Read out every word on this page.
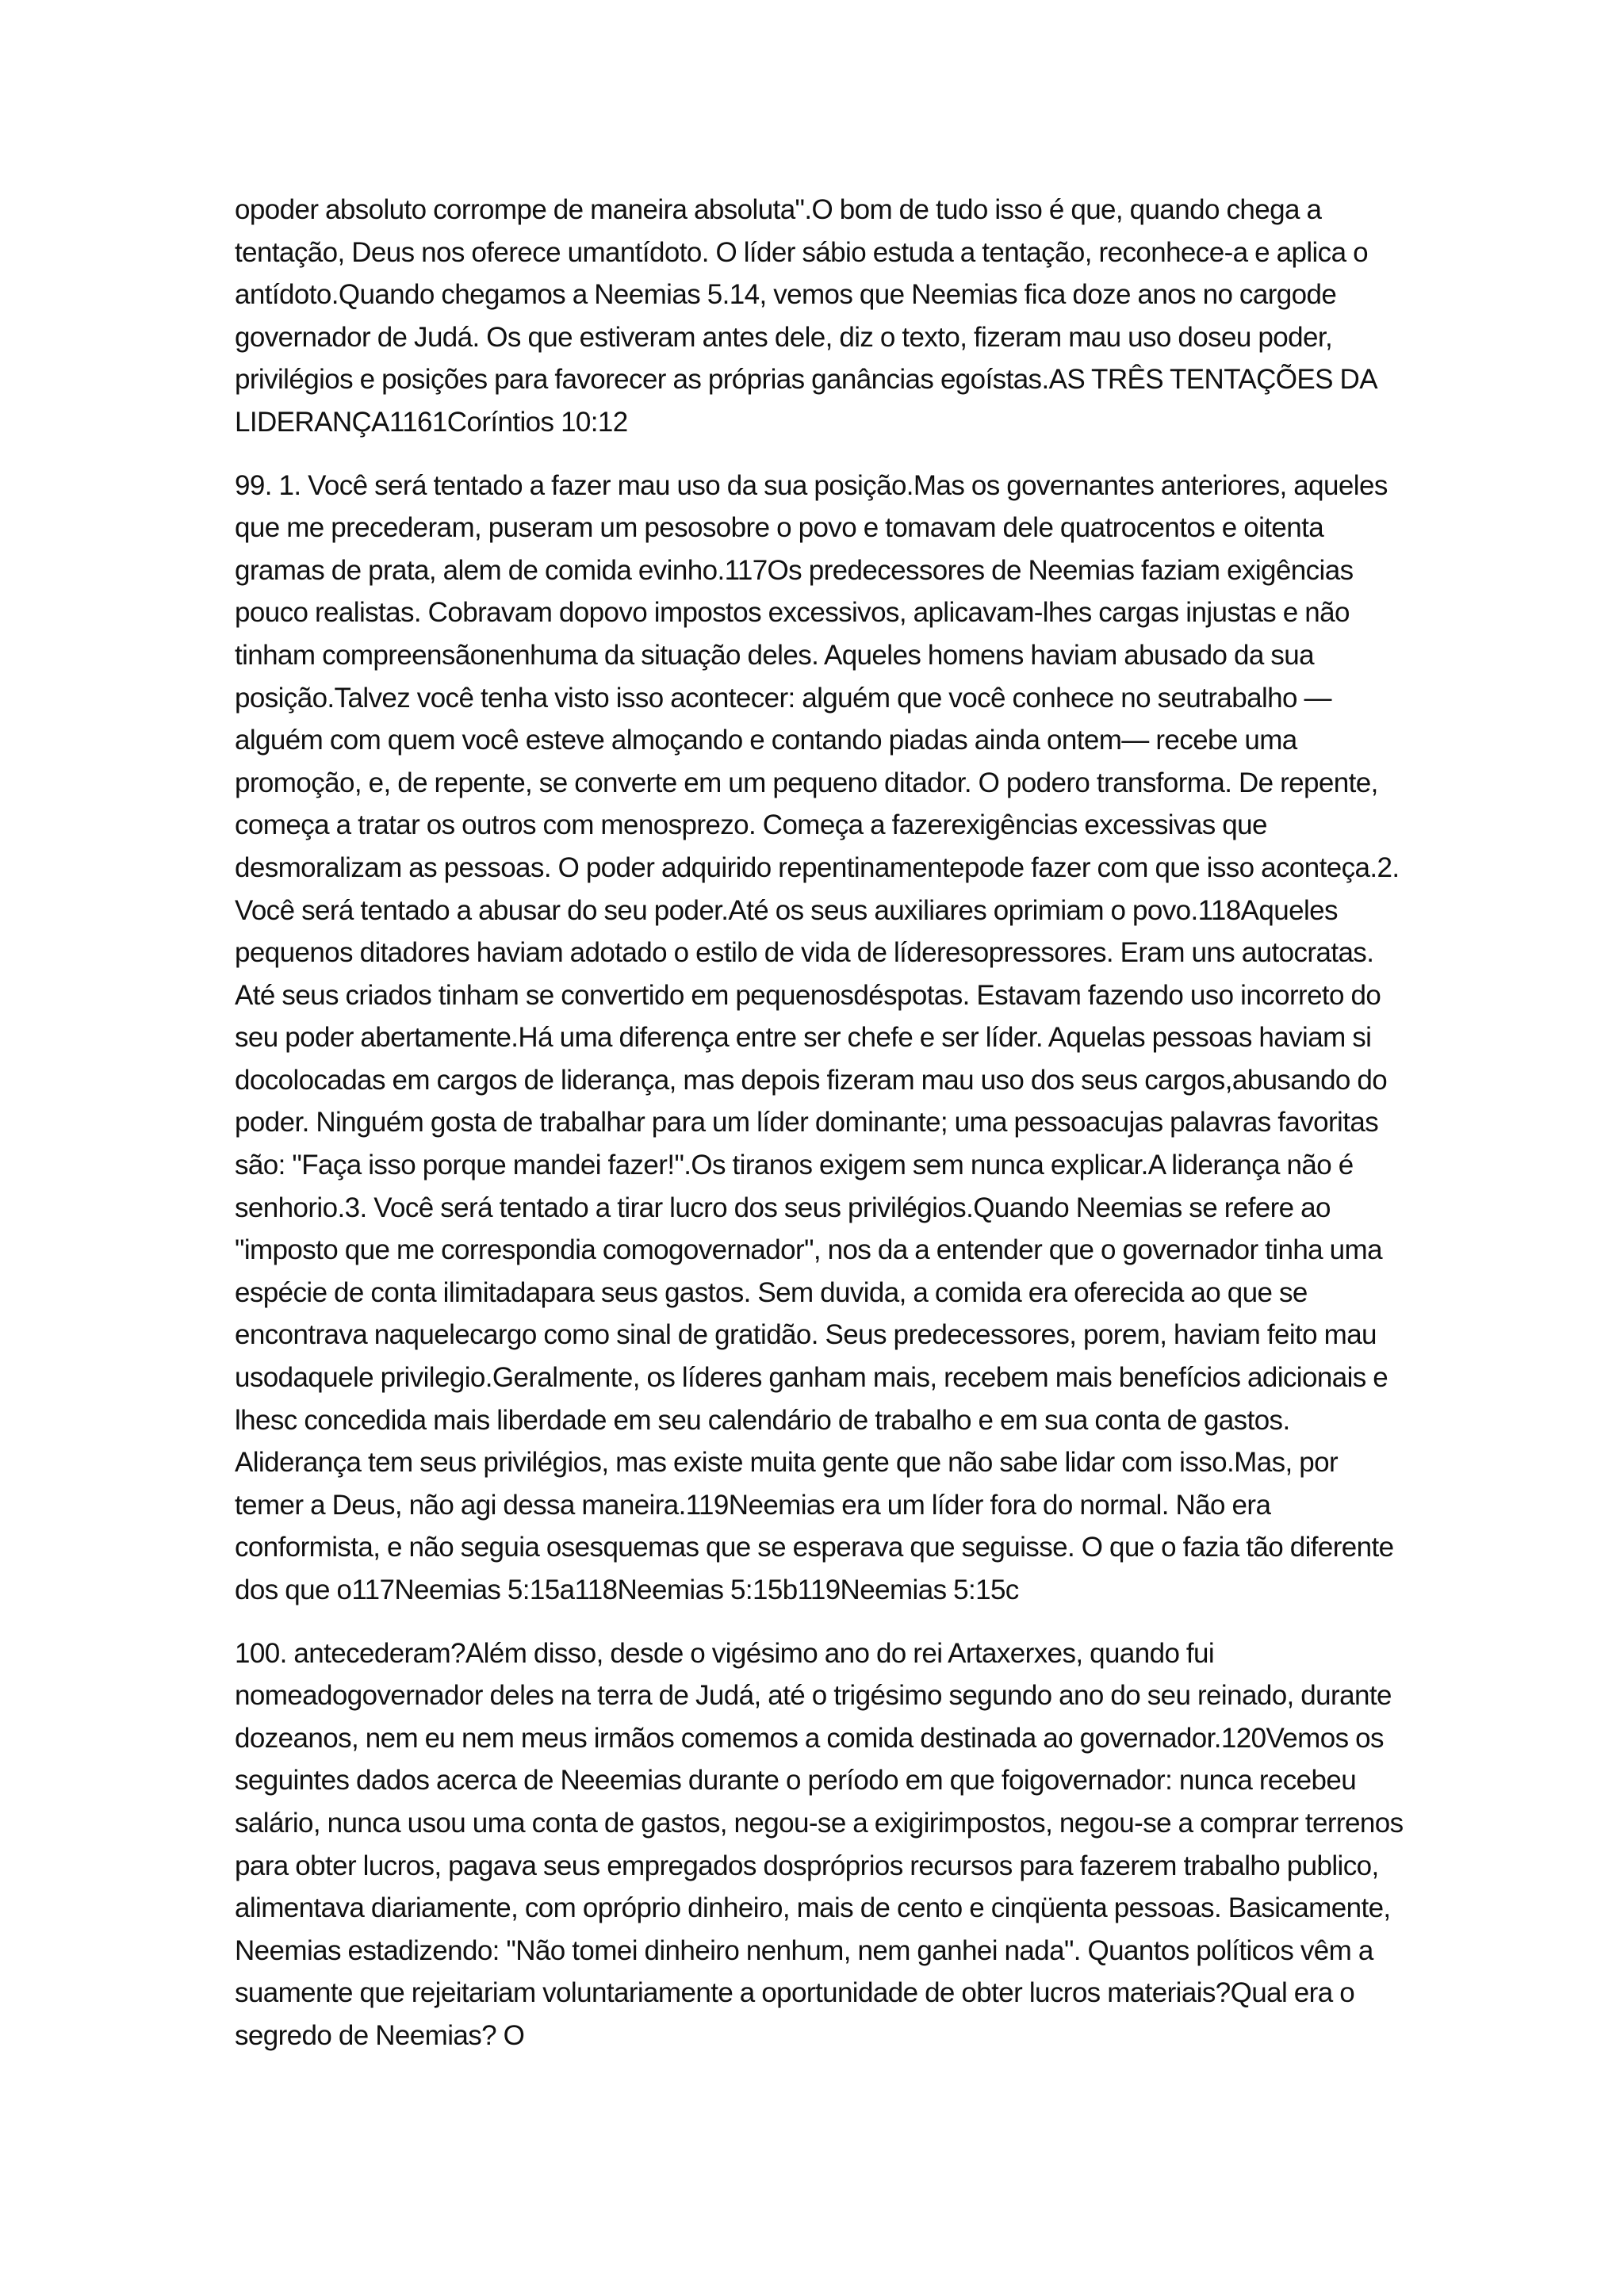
opoder absoluto corrompe de maneira absoluta".O bom de tudo isso é que, quando chega a tentação, Deus nos oferece umantídoto. O líder sábio estuda a tentação, reconhece-a e aplica o antídoto.Quando chegamos a Neemias 5.14, vemos que Neemias fica doze anos no cargode governador de Judá. Os que estiveram antes dele, diz o texto, fizeram mau uso doseu poder, privilégios e posições para favorecer as próprias ganâncias egoístas.AS TRÊS TENTAÇÕES DA LIDERANÇA1161Coríntios 10:12

99. 1. Você será tentado a fazer mau uso da sua posição.Mas os governantes anteriores, aqueles que me precederam, puseram um pesosobre o povo e tomavam dele quatrocentos e oitenta gramas de prata, alem de comida evinho.117Os predecessores de Neemias faziam exigências pouco realistas. Cobravam dopovo impostos excessivos, aplicavam-lhes cargas injustas e não tinham compreensãonenhuma da situação deles. Aqueles homens haviam abusado da sua posição.Talvez você tenha visto isso acontecer: alguém que você conhece no seutrabalho — alguém com quem você esteve almoçando e contando piadas ainda ontem— recebe uma promoção, e, de repente, se converte em um pequeno ditador. O podero transforma. De repente, começa a tratar os outros com menosprezo. Começa a fazerexigências excessivas que desmoralizam as pessoas. O poder adquirido repentinamentepode fazer com que isso aconteça.2. Você será tentado a abusar do seu poder.Até os seus auxiliares oprimiam o povo.118Aqueles pequenos ditadores haviam adotado o estilo de vida de líderesopressores. Eram uns autocratas. Até seus criados tinham se convertido em pequenosdéspotas. Estavam fazendo uso incorreto do seu poder abertamente.Há uma diferença entre ser chefe e ser líder. Aquelas pessoas haviam si docolocadas em cargos de liderança, mas depois fizeram mau uso dos seus cargos,abusando do poder. Ninguém gosta de trabalhar para um líder dominante; uma pessoacujas palavras favoritas são: "Faça isso porque mandei fazer!".Os tiranos exigem sem nunca explicar.A liderança não é senhorio.3. Você será tentado a tirar lucro dos seus privilégios.Quando Neemias se refere ao "imposto que me correspondia comogovernador", nos da a entender que o governador tinha uma espécie de conta ilimitadapara seus gastos. Sem duvida, a comida era oferecida ao que se encontrava naquelecargo como sinal de gratidão. Seus predecessores, porem, haviam feito mau usodaquele privilegio.Geralmente, os líderes ganham mais, recebem mais benefícios adicionais e lhesc concedida mais liberdade em seu calendário de trabalho e em sua conta de gastos. Aliderança tem seus privilégios, mas existe muita gente que não sabe lidar com isso.Mas, por temer a Deus, não agi dessa maneira.119Neemias era um líder fora do normal. Não era conformista, e não seguia osesquemas que se esperava que seguisse. O que o fazia tão diferente dos que o117Neemias 5:15a118Neemias 5:15b119Neemias 5:15c

100. antecederam?Além disso, desde o vigésimo ano do rei Artaxerxes, quando fui nomeadogovernador deles na terra de Judá, até o trigésimo segundo ano do seu reinado, durante dozeanos, nem eu nem meus irmãos comemos a comida destinada ao governador.120Vemos os seguintes dados acerca de Neeemias durante o período em que foigovernador: nunca recebeu salário, nunca usou uma conta de gastos, negou-se a exigirimpostos, negou-se a comprar terrenos para obter lucros, pagava seus empregados dospróprios recursos para fazerem trabalho publico, alimentava diariamente, com opróprio dinheiro, mais de cento e cinqüenta pessoas. Basicamente, Neemias estadizendo: "Não tomei dinheiro nenhum, nem ganhei nada". Quantos políticos vêm a suamente que rejeitariam voluntariamente a oportunidade de obter lucros materiais?Qual era o segredo de Neemias? O
